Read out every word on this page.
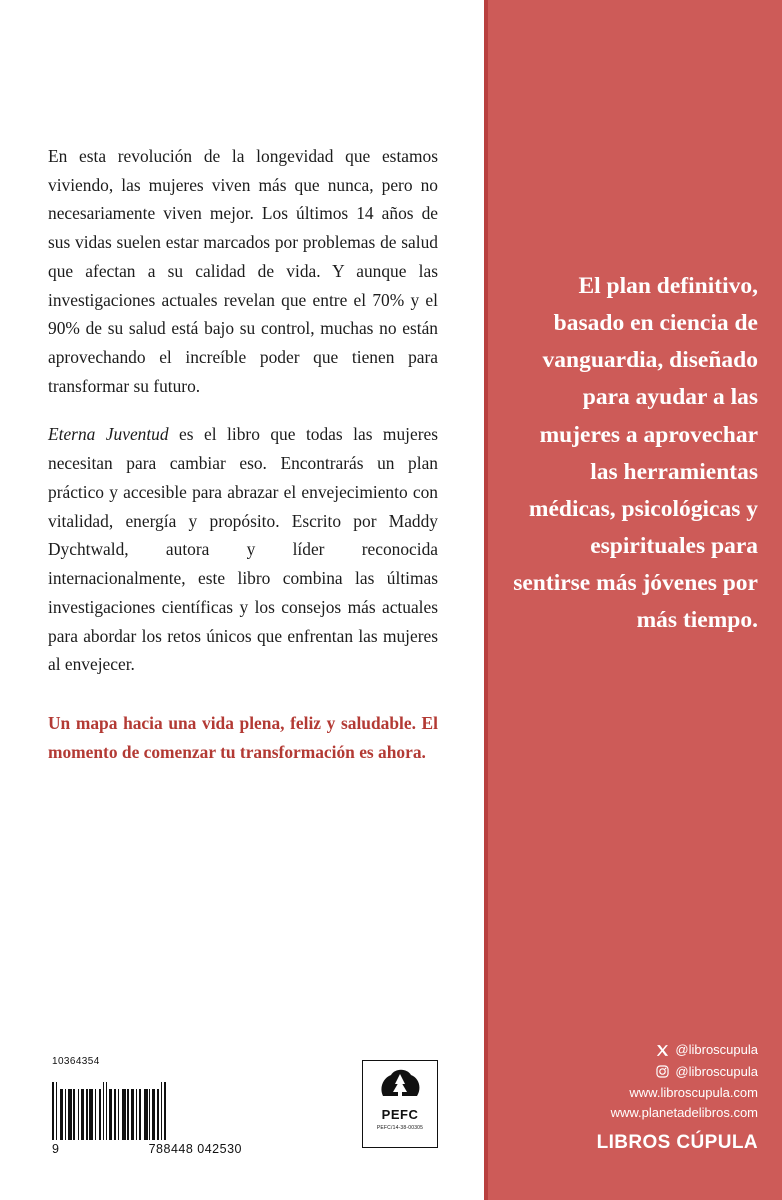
En esta revolución de la longevidad que estamos viviendo, las mujeres viven más que nunca, pero no necesariamente viven mejor. Los últimos 14 años de sus vidas suelen estar marcados por problemas de salud que afectan a su calidad de vida. Y aunque las investigaciones actuales revelan que entre el 70% y el 90% de su salud está bajo su control, muchas no están aprovechando el increíble poder que tienen para transformar su futuro.

Eterna Juventud es el libro que todas las mujeres necesitan para cambiar eso. Encontrarás un plan práctico y accesible para abrazar el envejecimiento con vitalidad, energía y propósito. Escrito por Maddy Dychtwald, autora y líder reconocida internacionalmente, este libro combina las últimas investigaciones científicas y los consejos más actuales para abordar los retos únicos que enfrentan las mujeres al envejecer.

Un mapa hacia una vida plena, feliz y saludable. El momento de comenzar tu transformación es ahora.

10364354
9	788448 042530
PEFC
PEFC/14-38-00305
El plan definitivo, basado en ciencia de vanguardia, diseñado para ayudar a las mujeres a aprovechar las herramientas médicas, psicológicas y espirituales para sentirse más jóvenes por más tiempo.
@libroscupula
@libroscupula
www.libroscupula.com
www.planetadelibros.com
LIBROS CÚPULA
